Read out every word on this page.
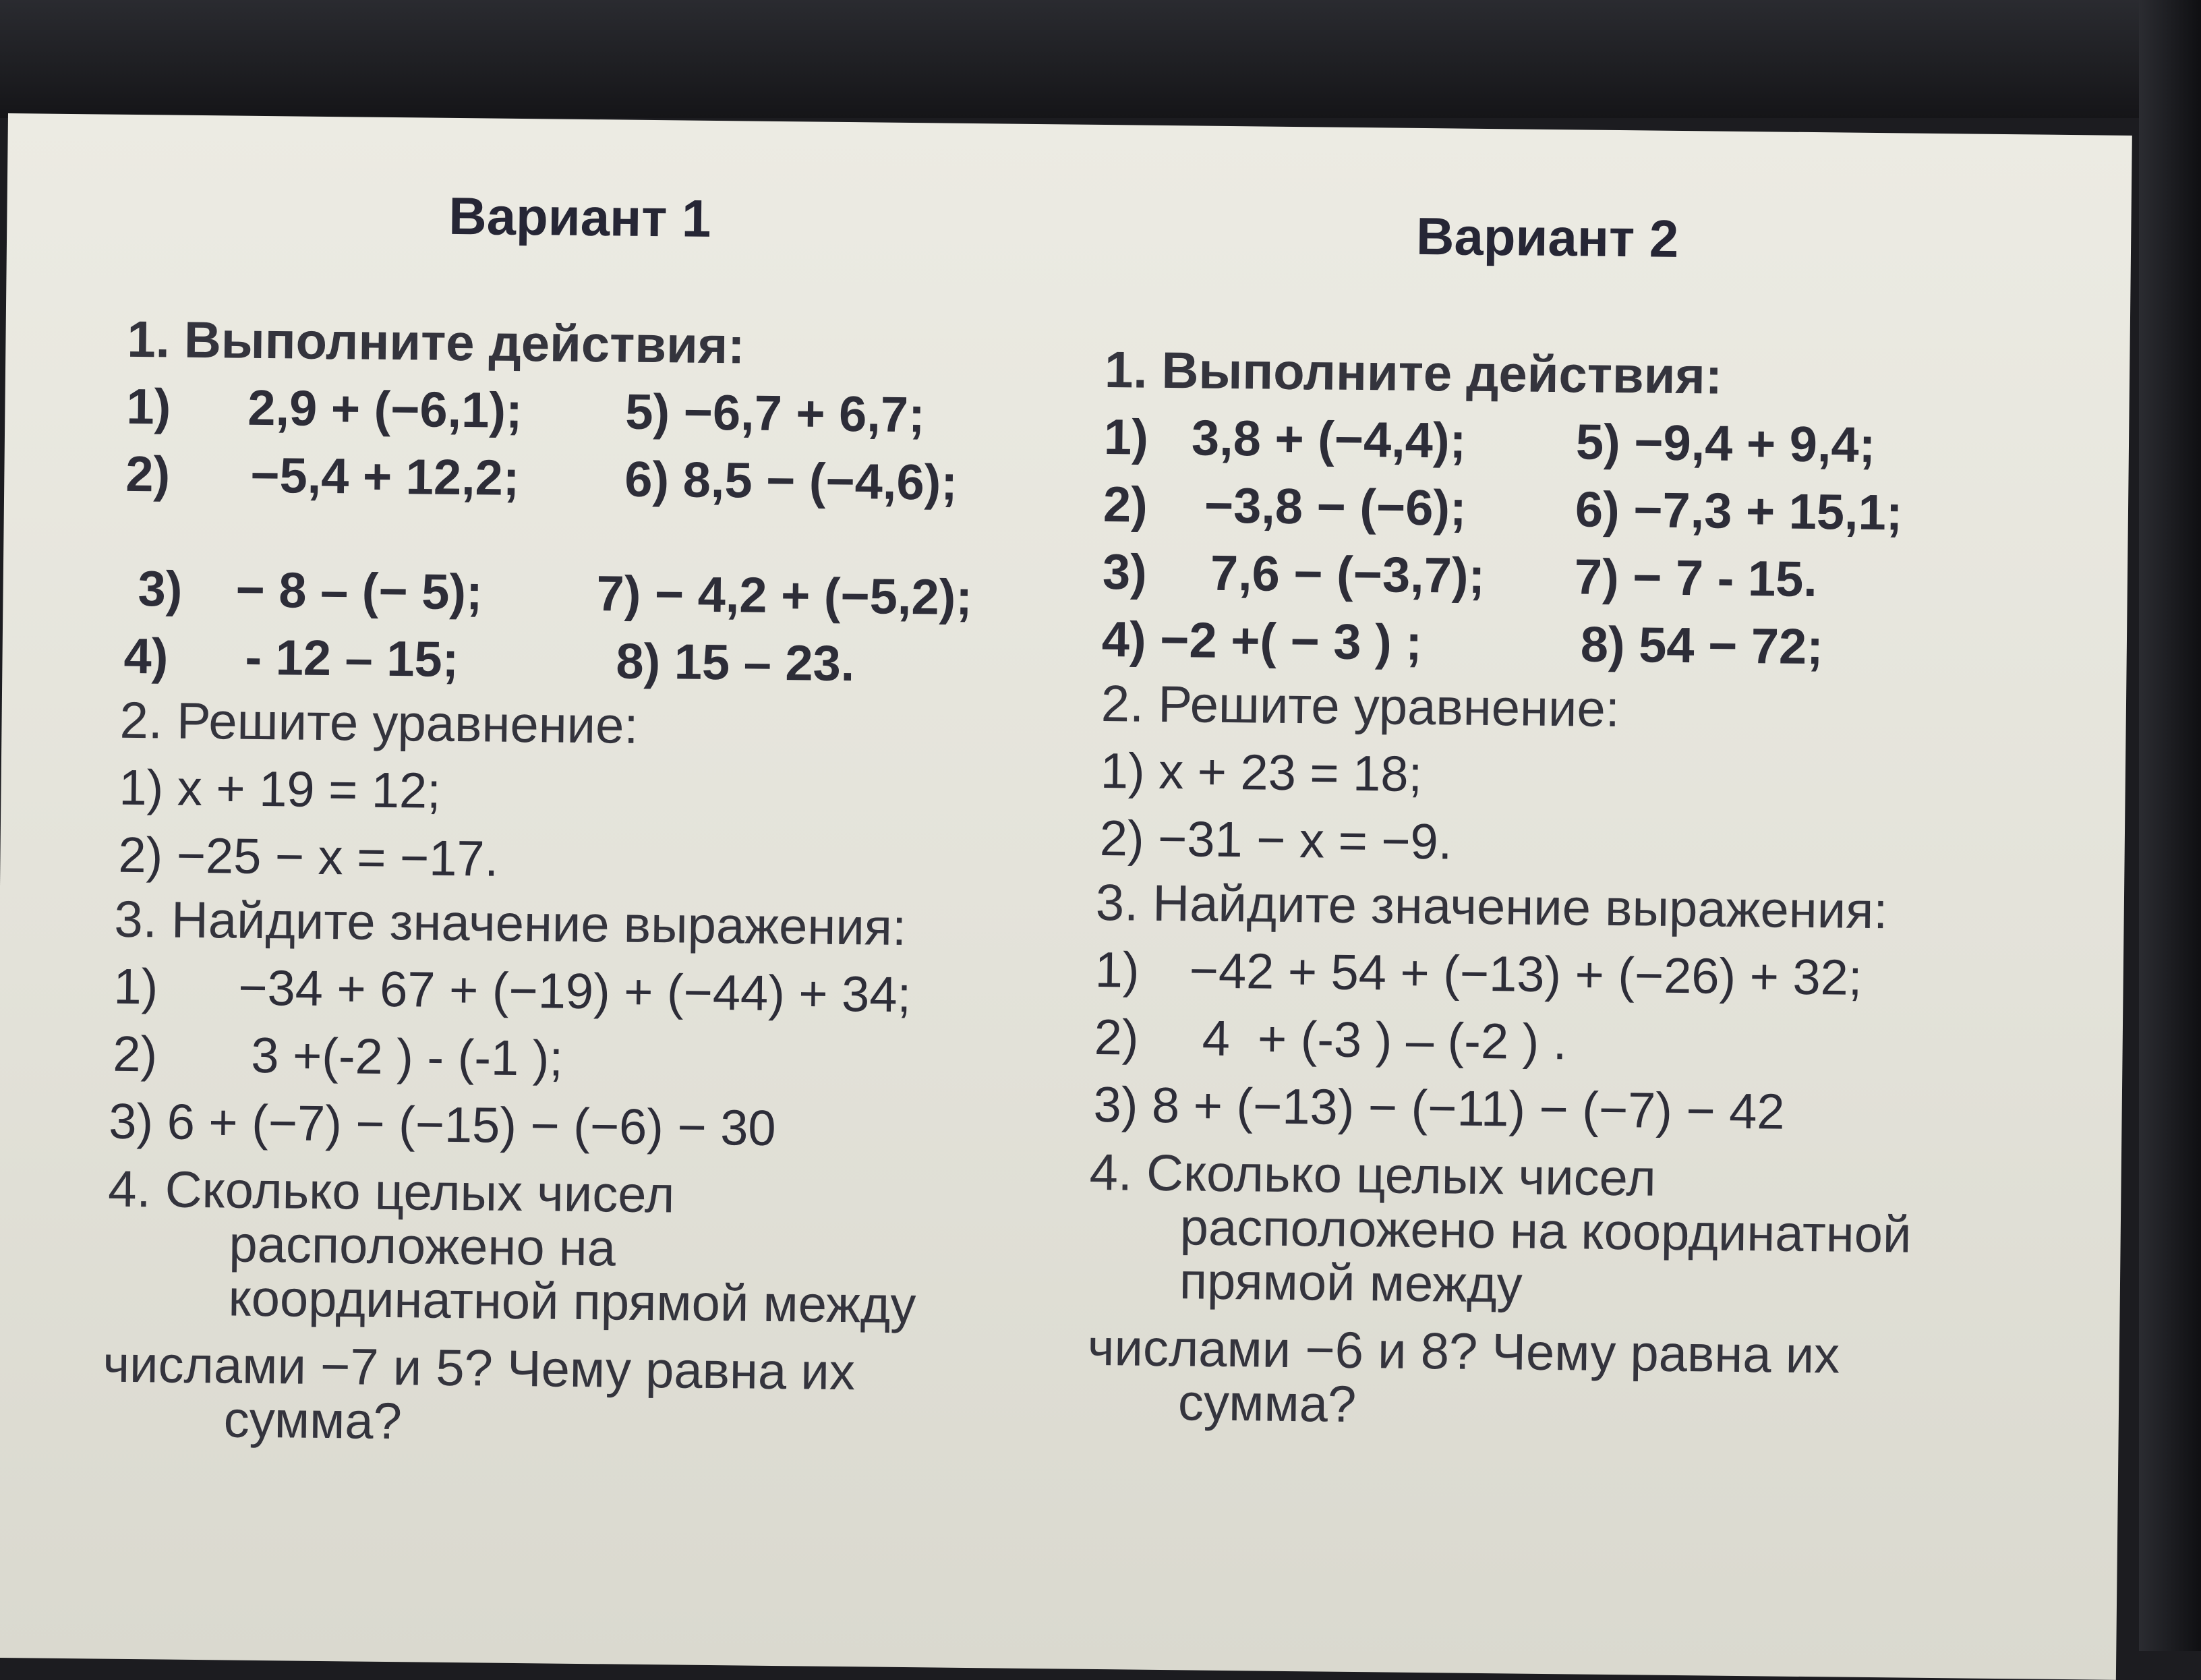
Вариант 1
1. Выполните действия:
1) 2,9 + (−6,1); 5) −6,7 + 6,7;
2) −5,4 + 12,2; 6) 8,5 − (−4,6);
3) − 8 – (− 5); 7) − 4,2 + (−5,2);
4) - 12 – 15;	8) 15 – 23.
2. Решите уравнение:
1) x + 19 = 12;
2) −25 − x = −17.
3. Найдите значение выражения:
1) −34 + 67 + (−19) + (−44) + 34;
2) 3 +(-2 ) - (-1 );
3) 6 + (−7) − (−15) − (−6) − 30
4. Сколько целых чисел
расположено на
координатной прямой между
числами −7 и 5? Чему равна их
сумма?
Вариант 2
1. Выполните действия:
1) 3,8 + (−4,4); 5) −9,4 + 9,4;
2) −3,8 − (−6); 6) −7,3 + 15,1;
3) 7,6 − (−3,7); 7) − 7 - 15.
4) −2 +( − 3 ) ;	8) 54 − 72;
2. Решите уравнение:
1) x + 23 = 18;
2) −31 − x = −9.
3. Найдите значение выражения:
1) −42 + 54 + (−13) + (−26) + 32;
2) 4  + (-3 ) – (-2 ) .
3) 8 + (−13) − (−11) − (−7) − 42
4. Сколько целых чисел
расположено на координатной
прямой между
числами −6 и 8? Чему равна их
сумма?
